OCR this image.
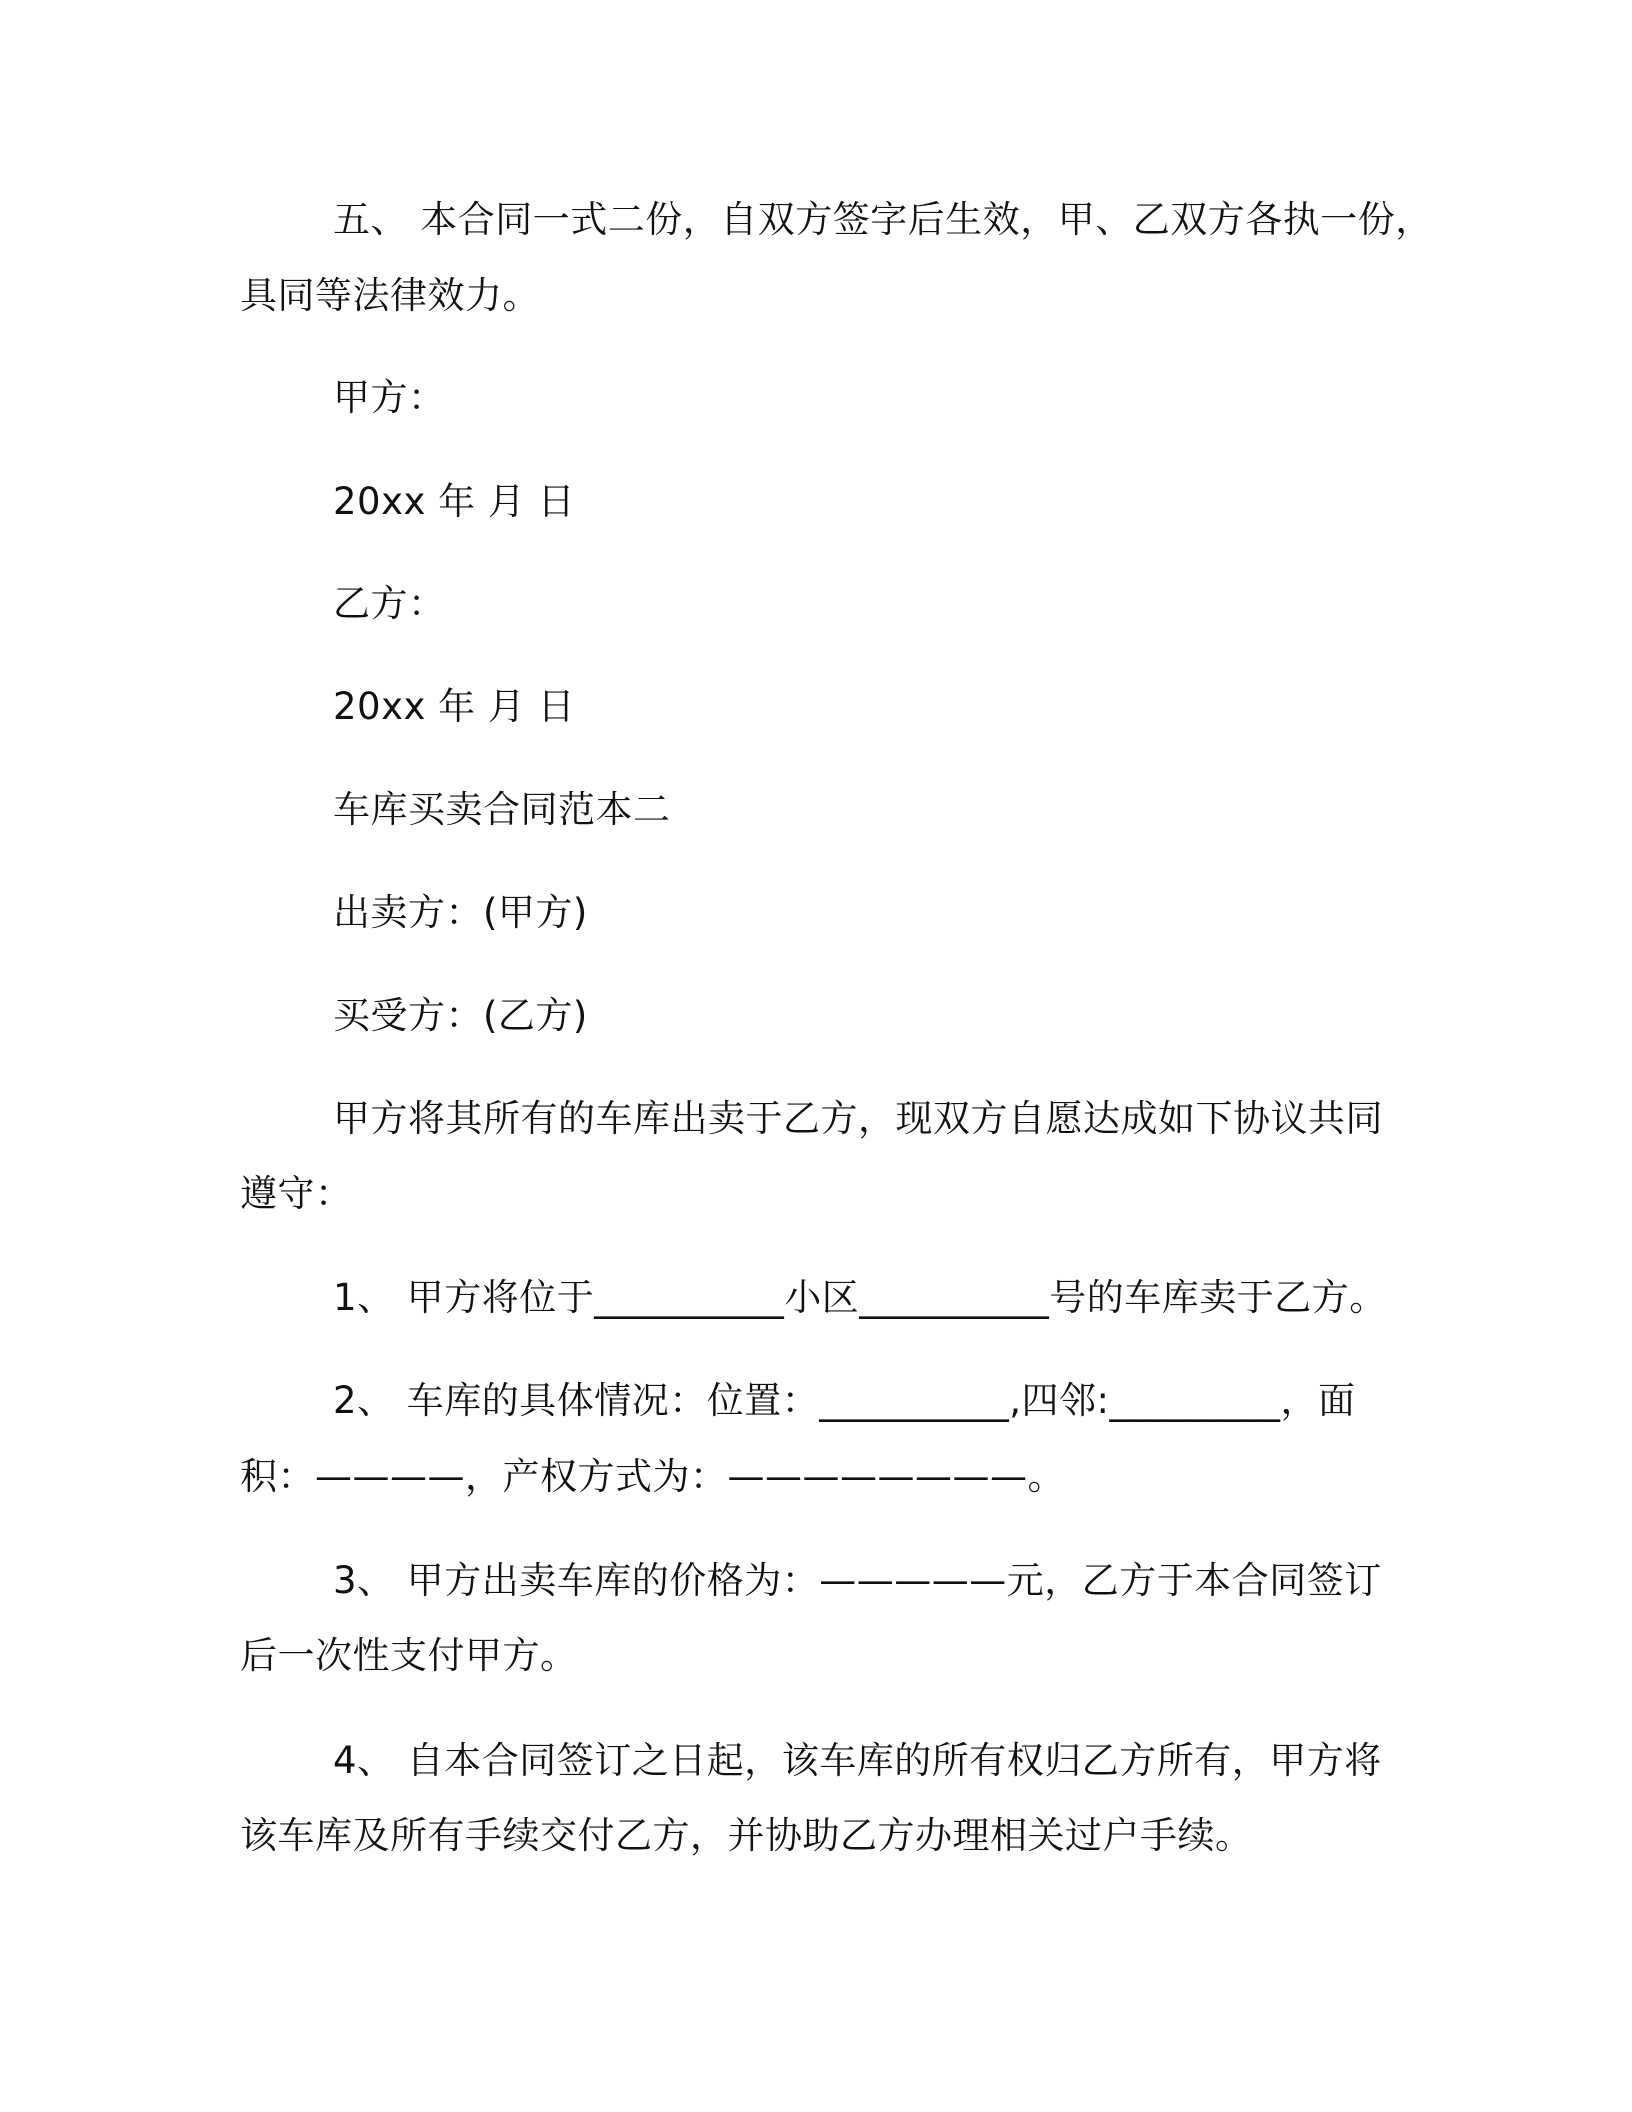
五、 本合同一式二份，自双方签字后生效，甲、乙双方各执一份，
具同等法律效力。
甲方：
20xx 年 月 日
乙方：
20xx 年 月 日
车库买卖合同范本二
出卖方：(甲方)
买受方：(乙方)
甲方将其所有的车库出卖于乙方，现双方自愿达成如下协议共同
遵守：
1、 甲方将位于__________小区__________号的车库卖于乙方。
2、 车库的具体情况：位置：__________,四邻:_________，面
积：————，产权方式为：————————。
3、 甲方出卖车库的价格为：—————元，乙方于本合同签订
后一次性支付甲方。
4、 自本合同签订之日起，该车库的所有权归乙方所有，甲方将
该车库及所有手续交付乙方，并协助乙方办理相关过户手续。
